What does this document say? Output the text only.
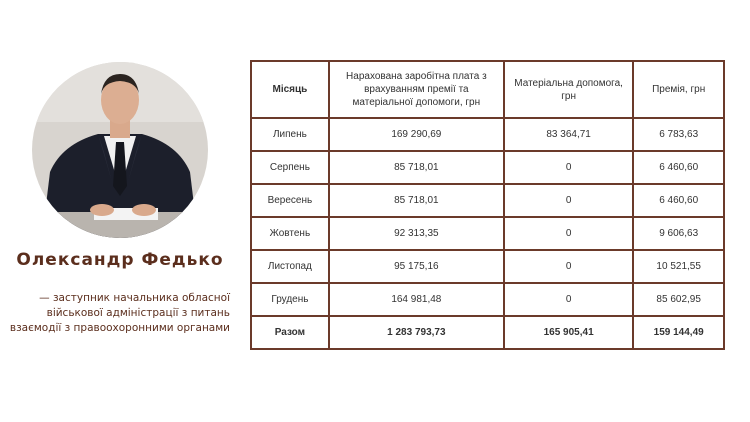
Олександр Федько
— заступник начальника обласної
військової адміністрації з питань
взаємодії з правоохоронними органами
Місяць	Нарахована заробітна плата з врахуванням премії та матеріальної допомоги, грн	Матеріальна допомога, грн	Премія, грн
Липень	169 290,69	83 364,71	6 783,63
Серпень	85 718,01	0	6 460,60
Вересень	85 718,01	0	6 460,60
Жовтень	92 313,35	0	9 606,63
Листопад	95 175,16	0	10 521,55
Грудень	164 981,48	0	85 602,95
Разом	1 283 793,73	165 905,41	159 144,49
